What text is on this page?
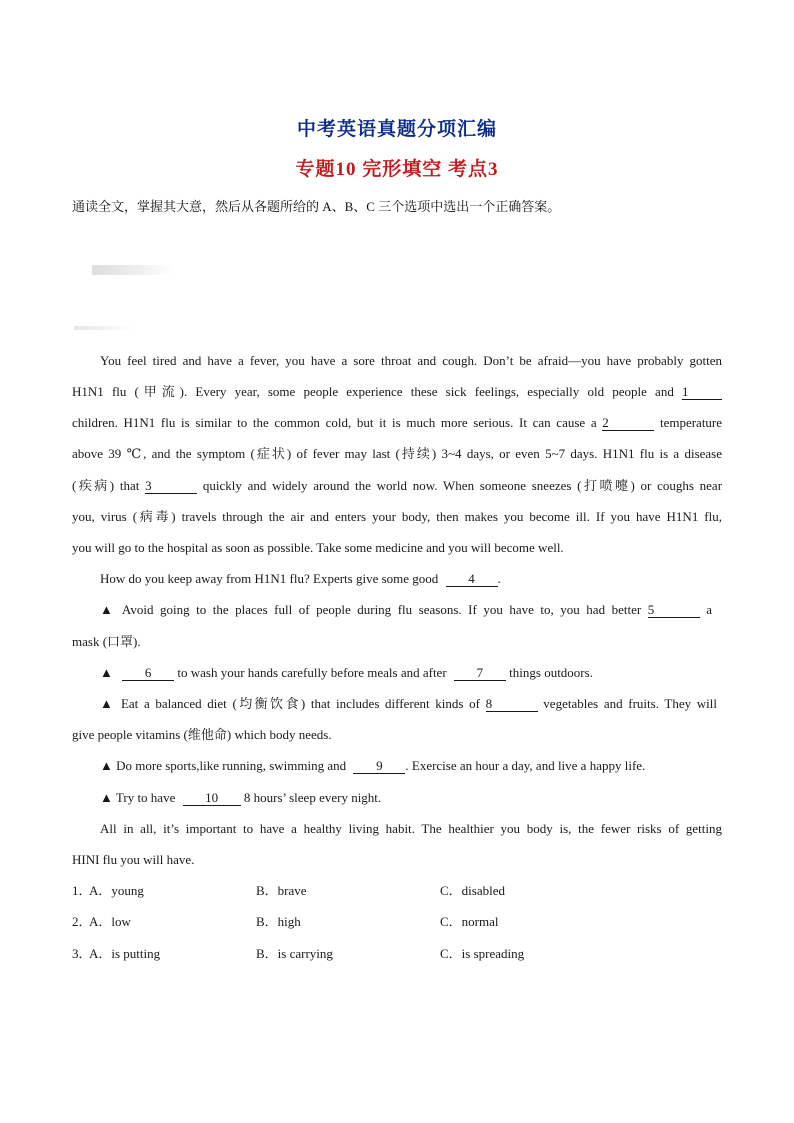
中考英语真题分项汇编
专题10 完形填空 考点3
通读全文，掌握其大意，然后从各题所给的 A、B、C 三个选项中选出一个正确答案。
You feel tired and have a fever, you have a sore throat and cough. Don’t be afraid—you have probably gotten
H1N1 flu (甲流). Every year, some people experience these sick feelings, especially old people and 1
children. H1N1 flu is similar to the common cold, but it is much more serious. It can cause a 2	temperature
above 39 ℃, and the symptom (症状) of fever may last (持续) 3~4 days, or even 5~7 days. H1N1 flu is a disease
(疾病) that 3	quickly and widely around the world now. When someone sneezes (打喷嚏) or coughs near
you, virus (病毒) travels through the air and enters your body, then makes you become ill. If you have H1N1 flu,
you will go to the hospital as soon as possible. Take some medicine and you will become well.
How do you keep away from H1N1 flu? Experts give some good 4 .
▲ Avoid going to the places full of people during flu seasons. If you have to, you had better 5	a
mask (口罩).
▲ 6 to wash your hands carefully before meals and after 7 things outdoors.
▲ Eat a balanced diet (均衡饮食) that includes different kinds of 8	vegetables and fruits. They will
give people vitamins (维他命) which body needs.
▲ Do more sports,like running, swimming and 9 . Exercise an hour a day, and live a happy life.
▲ Try to have 10 8 hours’ sleep every night.
All in all, it’s important to have a healthy living habit. The healthier you body is, the fewer risks of getting
HINI flu you will have.
1．
A．young	B．brave	C．disabled
2．
A．low	B．high	C．normal
3．
A．is putting	B．is carrying	C．is spreading
